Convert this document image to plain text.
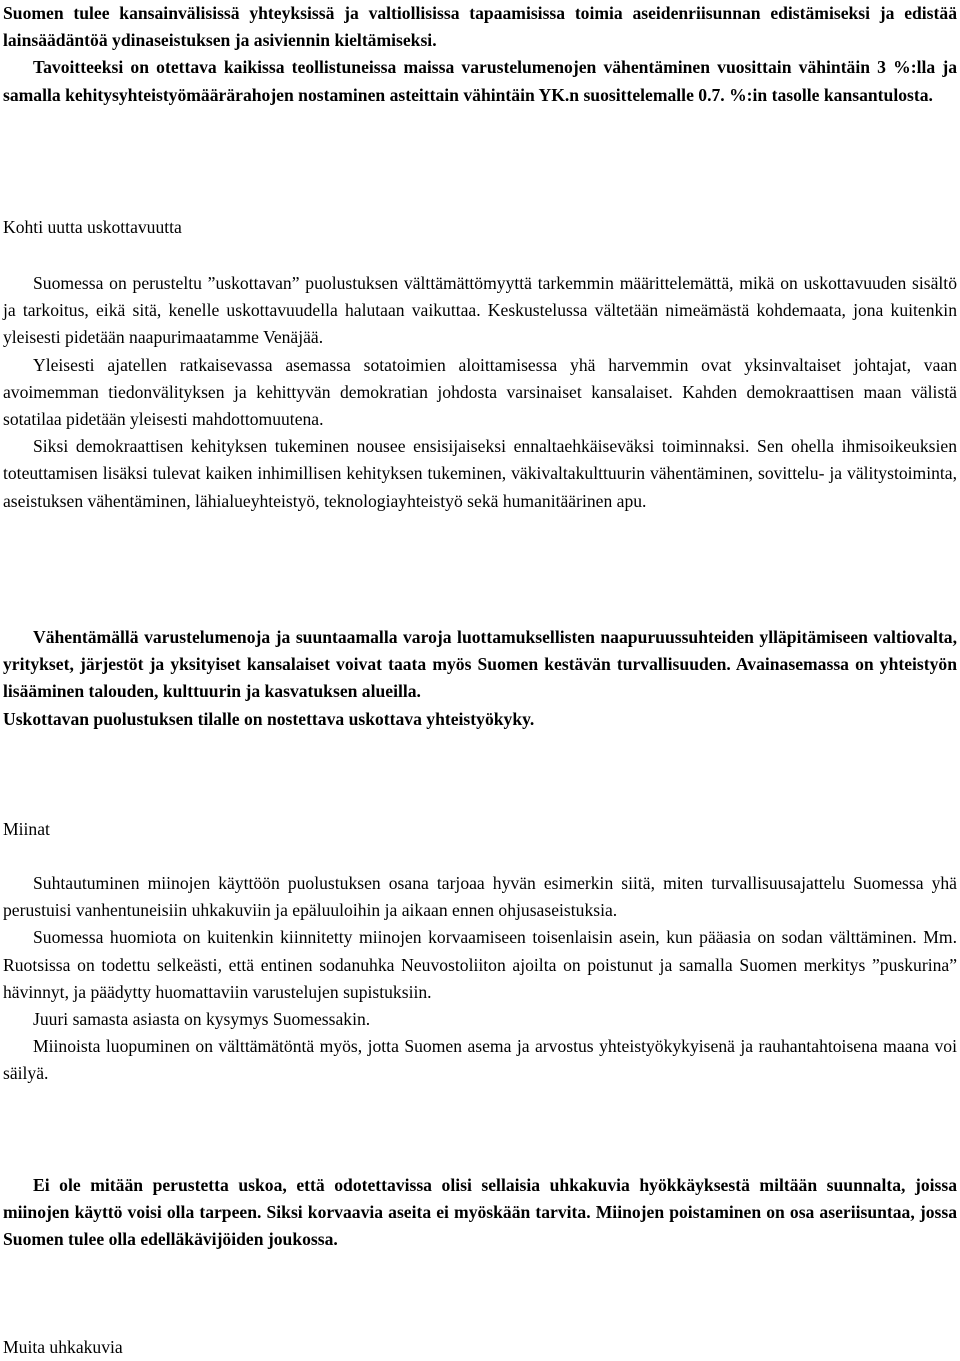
Suomen tulee kansainvälisissä yhteyksissä ja valtiollisissa tapaamisissa toimia aseidenriisunnan edistämiseksi ja edistää lainsäädäntöä ydinaseistuksen ja asiviennin kieltämiseksi.

Tavoitteeksi on otettava kaikissa teollistuneissa maissa varustelumenojen vähentäminen vuosittain vähintäin 3 %:lla ja samalla kehitysyhteistyömäärärahojen nostaminen asteittain vähintäin YK.n suosittelemalle 0.7. %:in tasolle kansantulosta.

Kohti uutta uskottavuutta

Suomessa on perusteltu ”uskottavan” puolustuksen välttämättömyyttä tarkemmin määrittelemättä, mikä on uskottavuuden sisältö ja tarkoitus, eikä sitä, kenelle uskottavuudella halutaan vaikuttaa. Keskustelussa vältetään nimeämästä kohdemaata, jona kuitenkin yleisesti pidetään naapurimaatamme Venäjää.

Yleisesti ajatellen ratkaisevassa asemassa sotatoimien aloittamisessa yhä harvemmin ovat yksinvaltaiset johtajat, vaan avoimemman tiedonvälityksen ja kehittyvän demokratian johdosta varsinaiset kansalaiset. Kahden demokraattisen maan välistä sotatilaa pidetään yleisesti mahdottomuutena.

Siksi demokraattisen kehityksen tukeminen nousee ensisijaiseksi ennaltaehkäiseväksi toiminnaksi. Sen ohella ihmisoikeuksien toteuttamisen lisäksi tulevat kaiken inhimillisen kehityksen tukeminen, väkivaltakulttuurin vähentäminen, sovittelu- ja välitystoiminta, aseistuksen vähentäminen, lähialueyhteistyö, teknologiayhteistyö sekä humanitäärinen apu.

Vähentämällä varustelumenoja ja suuntaamalla varoja luottamuksellisten naapuruussuhteiden ylläpitämiseen valtiovalta, yritykset, järjestöt ja yksityiset kansalaiset voivat taata myös Suomen kestävän turvallisuuden. Avainasemassa on yhteistyön lisääminen talouden, kulttuurin ja kasvatuksen alueilla.

Uskottavan puolustuksen tilalle on nostettava uskottava yhteistyökyky.

Miinat

Suhtautuminen miinojen käyttöön puolustuksen osana tarjoaa hyvän esimerkin siitä, miten turvallisuusajattelu Suomessa yhä perustuisi vanhentuneisiin uhkakuviin ja epäluuloihin ja aikaan ennen ohjusaseistuksia.

Suomessa huomiota on kuitenkin kiinnitetty miinojen korvaamiseen toisenlaisin asein, kun pääasia on sodan välttäminen. Mm. Ruotsissa on todettu selkeästi, että entinen sodanuhka Neuvostoliiton ajoilta on poistunut ja samalla Suomen merkitys ”puskurina” hävinnyt, ja päädytty huomattaviin varustelujen supistuksiin.

Juuri samasta asiasta on kysymys Suomessakin.

Miinoista luopuminen on välttämätöntä myös, jotta Suomen asema ja arvostus yhteistyökykyisenä ja rauhantahtoisena maana voi säilyä.

Ei ole mitään perustetta uskoa, että odotettavissa olisi sellaisia uhkakuvia hyökkäyksestä miltään suunnalta, joissa miinojen käyttö voisi olla tarpeen. Siksi korvaavia aseita ei myöskään tarvita. Miinojen poistaminen on osa aseriisuntaa, jossa Suomen tulee olla edelläkävijöiden joukossa.

Muita uhkakuvia
